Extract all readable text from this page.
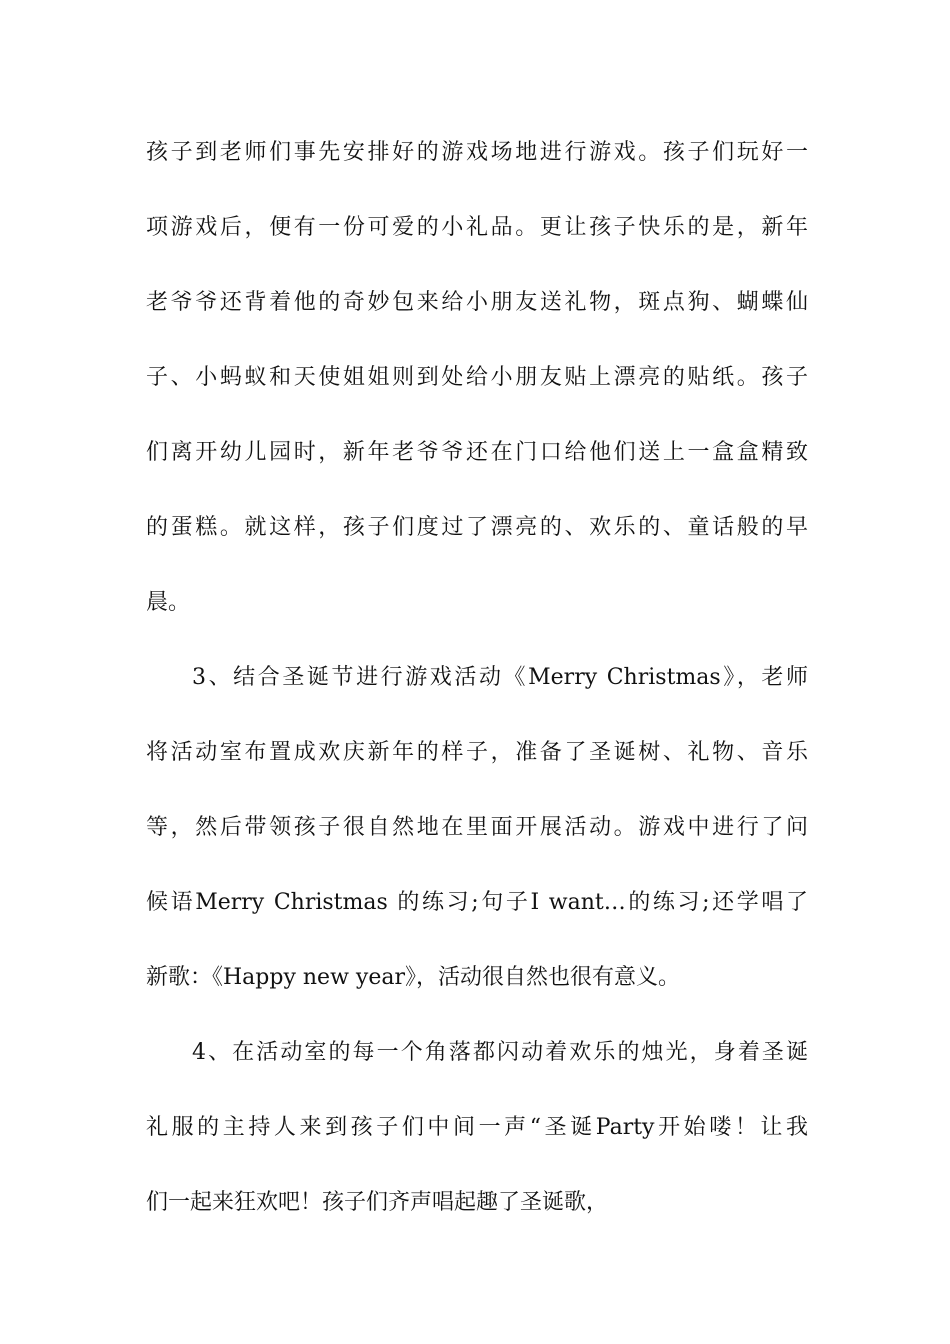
孩子到老师们事先安排好的游戏场地进行游戏。孩子们玩好一
项游戏后，便有一份可爱的小礼品。更让孩子快乐的是，新年
老爷爷还背着他的奇妙包来给小朋友送礼物，斑点狗、蝴蝶仙
子、小蚂蚁和天使姐姐则到处给小朋友贴上漂亮的贴纸。孩子
们离开幼儿园时，新年老爷爷还在门口给他们送上一盒盒精致
的蛋糕。就这样，孩子们度过了漂亮的、欢乐的、童话般的早
晨。
3、结合圣诞节进行游戏活动《Merry Christmas》，老师
将活动室布置成欢庆新年的样子，准备了圣诞树、礼物、音乐
等，然后带领孩子很自然地在里面开展活动。游戏中进行了问
候语Merry Christmas 的练习;句子I want…的练习;还学唱了
新歌：《Happy new year》，活动很自然也很有意义。
4、在活动室的每一个角落都闪动着欢乐的烛光，身着圣诞
礼服的主持人来到孩子们中间一声“圣诞Party开始喽！让我
们一起来狂欢吧！孩子们齐声唱起趣了圣诞歌，
